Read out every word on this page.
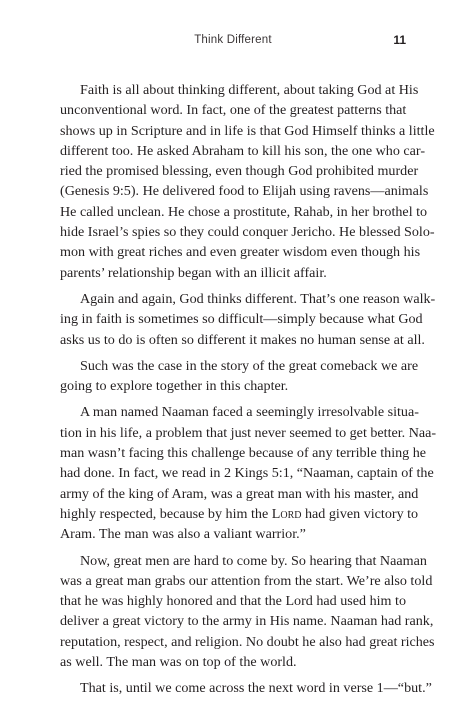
Think Different	11

Faith is all about thinking different, about taking God at His
unconventional word. In fact, one of the greatest patterns that
shows up in Scripture and in life is that God Himself thinks a little
different too. He asked Abraham to kill his son, the one who car-
ried the promised blessing, even though God prohibited murder
(Genesis 9:5). He delivered food to Elijah using ravens—animals
He called unclean. He chose a prostitute, Rahab, in her brothel to
hide Israel’s spies so they could conquer Jericho. He blessed Solo-
mon with great riches and even greater wisdom even though his
parents’ relationship began with an illicit affair.

Again and again, God thinks different. That’s one reason walk-
ing in faith is sometimes so difficult—simply because what God
asks us to do is often so different it makes no human sense at all.

Such was the case in the story of the great comeback we are
going to explore together in this chapter.

A man named Naaman faced a seemingly irresolvable situa-
tion in his life, a problem that just never seemed to get better. Naa-
man wasn’t facing this challenge because of any terrible thing he
had done. In fact, we read in 2 Kings 5:1, “Naaman, captain of the
army of the king of Aram, was a great man with his master, and
highly respected, because by him the Lord had given victory to
Aram. The man was also a valiant warrior.”

Now, great men are hard to come by. So hearing that Naaman
was a great man grabs our attention from the start. We’re also told
that he was highly honored and that the Lord had used him to
deliver a great victory to the army in His name. Naaman had rank,
reputation, respect, and religion. No doubt he also had great riches
as well. The man was on top of the world.

That is, until we come across the next word in verse 1—“but.”
